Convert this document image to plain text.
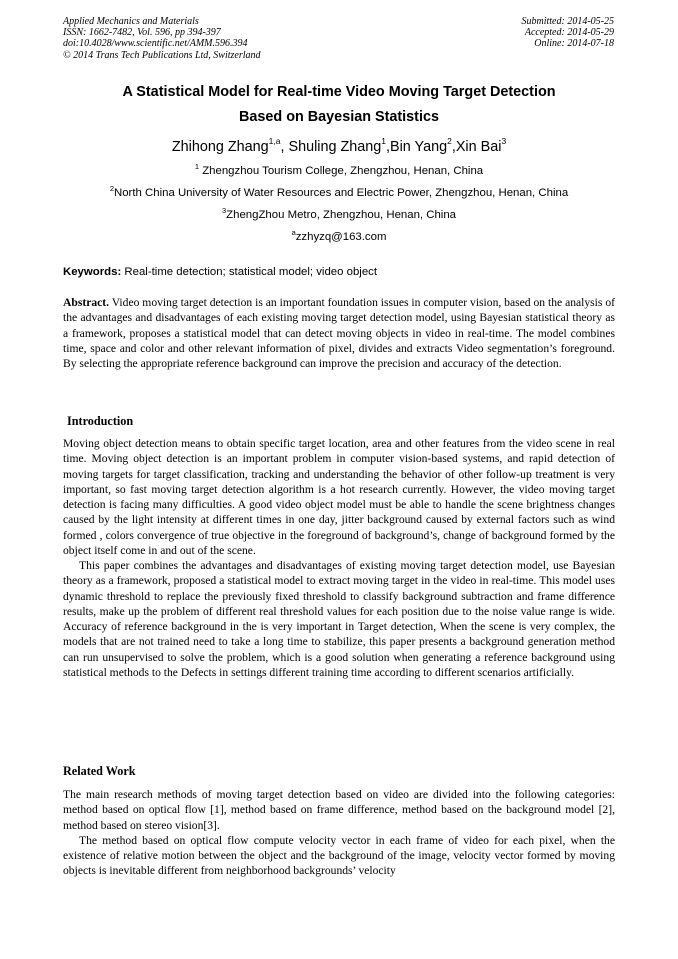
Applied Mechanics and Materials
ISSN: 1662-7482, Vol. 596, pp 394-397
doi:10.4028/www.scientific.net/AMM.596.394
© 2014 Trans Tech Publications Ltd, Switzerland
Submitted: 2014-05-25
Accepted: 2014-05-29
Online: 2014-07-18
A Statistical Model for Real-time Video Moving Target Detection
Based on Bayesian Statistics
Zhihong Zhang$^{1,a}$, Shuling Zhang$^1$,Bin Yang$^2$,Xin Bai$^3$
$^1$ Zhengzhou Tourism College, Zhengzhou, Henan, China
$^2$North China University of Water Resources and Electric Power, Zhengzhou, Henan, China
$^3$ZhengZhou Metro, Zhengzhou, Henan, China
$^a$zzhyzq@163.com
Keywords: Real-time detection; statistical model; video object
Abstract. Video moving target detection is an important foundation issues in computer vision, based on the analysis of the advantages and disadvantages of each existing moving target detection model, using Bayesian statistical theory as a framework, proposes a statistical model that can detect moving objects in video in real-time. The model combines time, space and color and other relevant information of pixel, divides and extracts Video segmentation’s foreground. By selecting the appropriate reference background can improve the precision and accuracy of the detection.
Introduction
Moving object detection means to obtain specific target location, area and other features from the video scene in real time. Moving object detection is an important problem in computer vision-based systems, and rapid detection of moving targets for target classification, tracking and understanding the behavior of other follow-up treatment is very important, so fast moving target detection algorithm is a hot research currently. However, the video moving target detection is facing many difficulties. A good video object model must be able to handle the scene brightness changes caused by the light intensity at different times in one day, jitter background caused by external factors such as wind formed , colors convergence of true objective in the foreground of background’s, change of background formed by the object itself come in and out of the scene.
This paper combines the advantages and disadvantages of existing moving target detection model, use Bayesian theory as a framework, proposed a statistical model to extract moving target in the video in real-time. This model uses dynamic threshold to replace the previously fixed threshold to classify background subtraction and frame difference results, make up the problem of different real threshold values for each position due to the noise value range is wide. Accuracy of reference background in the is very important in Target detection, When the scene is very complex, the models that are not trained need to take a long time to stabilize, this paper presents a background generation method can run unsupervised to solve the problem, which is a good solution when generating a reference background using statistical methods to the Defects in settings different training time according to different scenarios artificially.
Related Work
The main research methods of moving target detection based on video are divided into the following categories: method based on optical flow [1], method based on frame difference, method based on the background model [2], method based on stereo vision[3].
The method based on optical flow compute velocity vector in each frame of video for each pixel, when the existence of relative motion between the object and the background of the image, velocity vector formed by moving objects is inevitable different from neighborhood backgrounds’ velocity
